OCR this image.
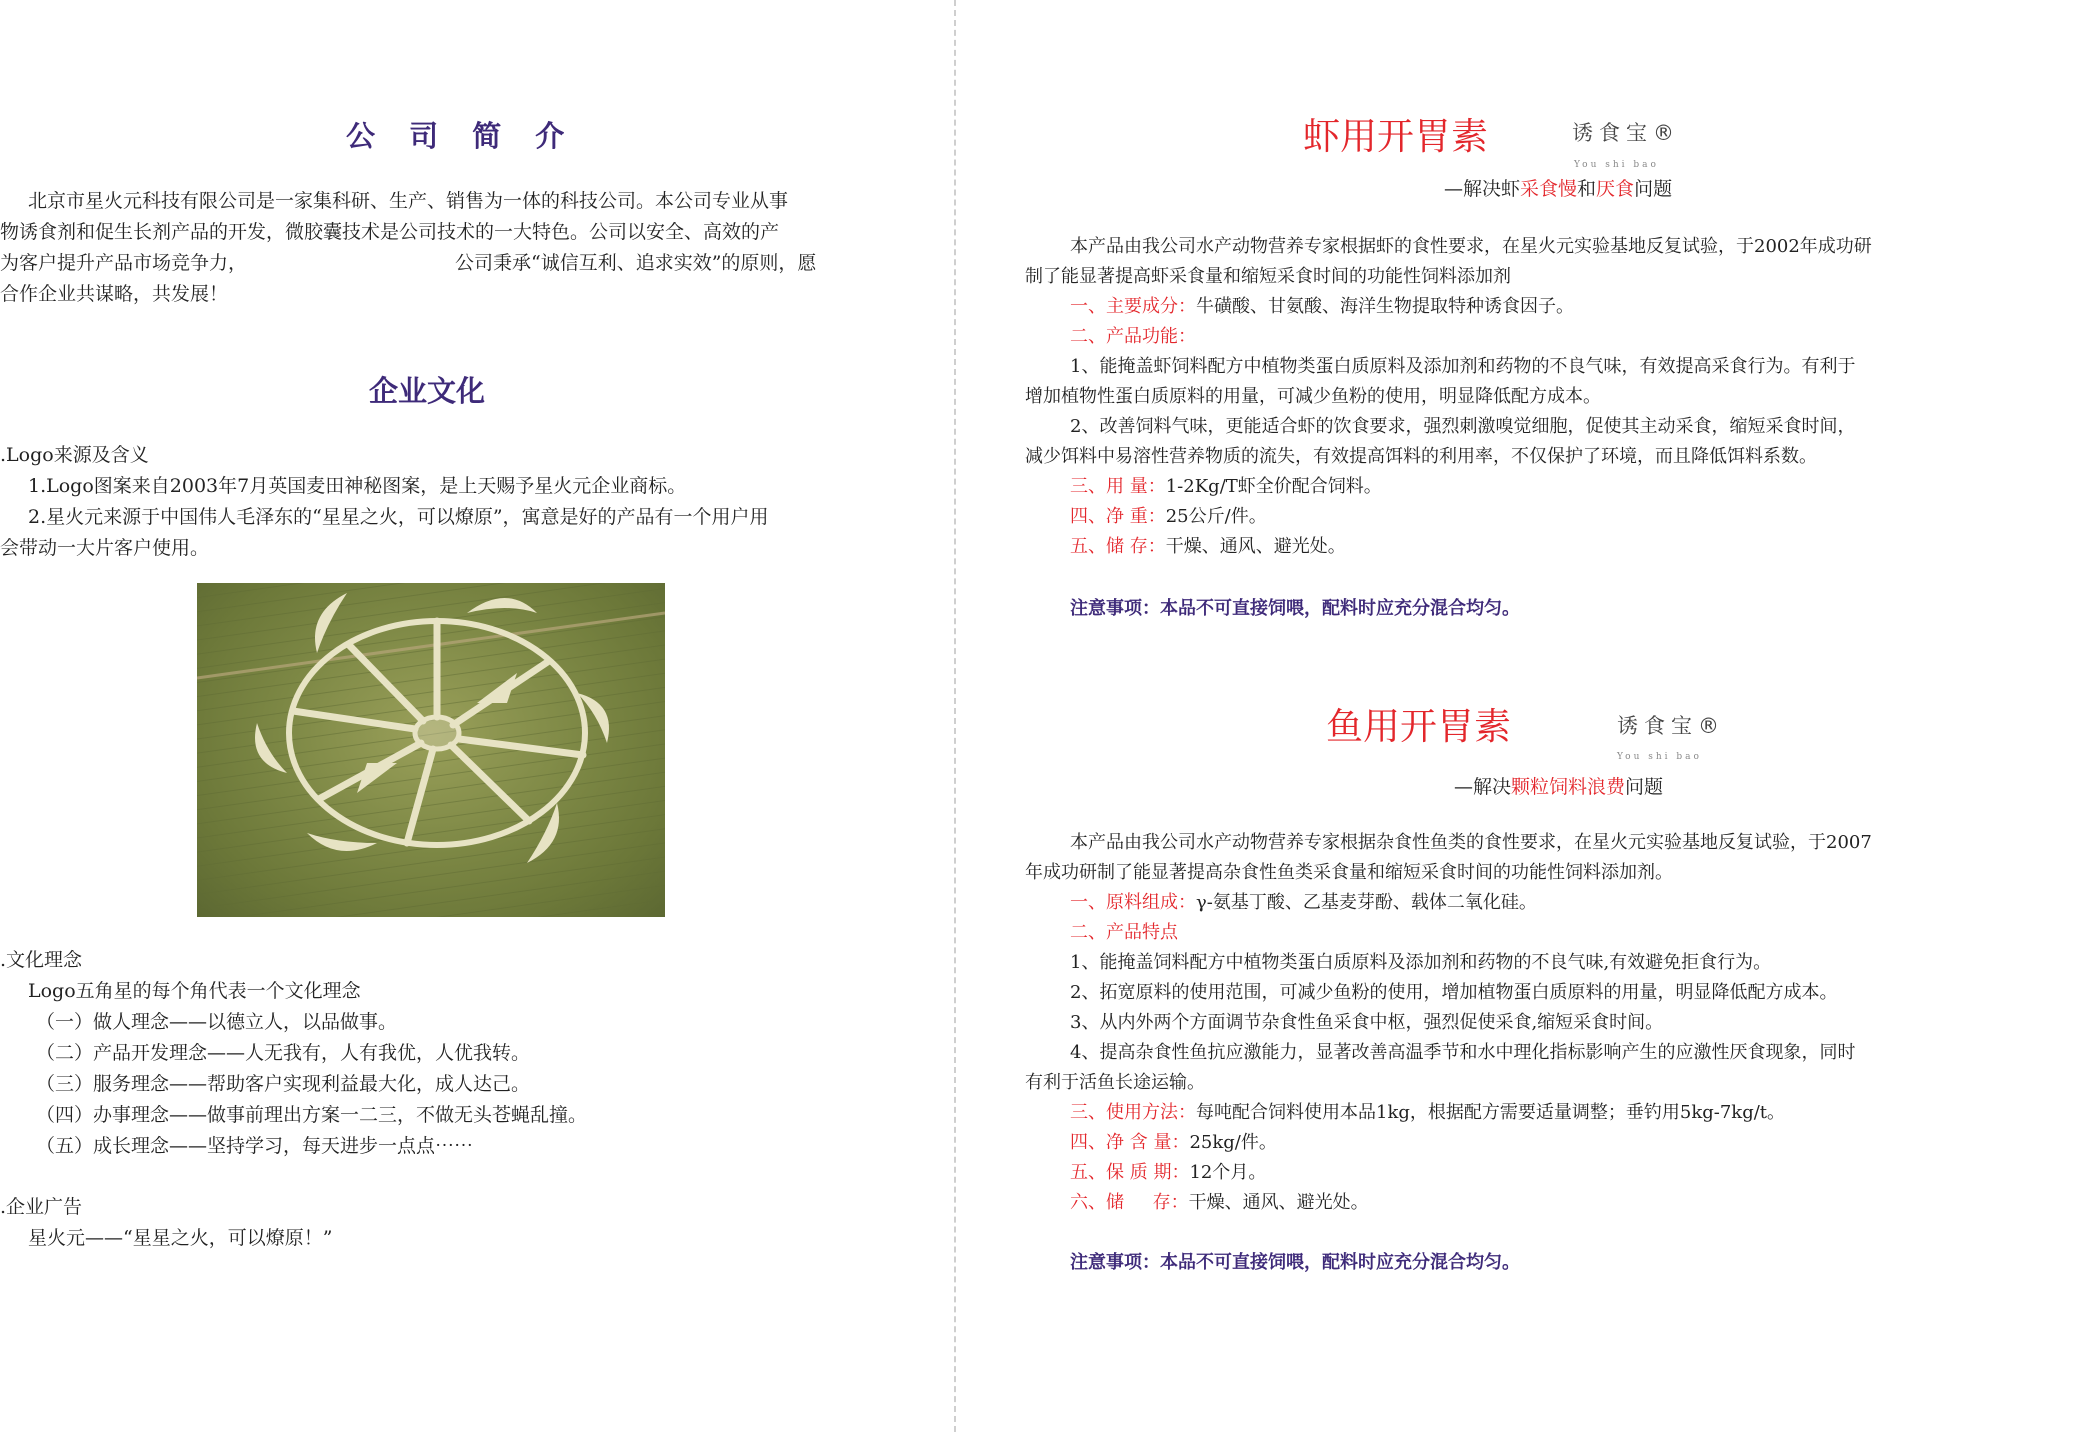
公 司 简 介
北京市星火元科技有限公司是一家集科研、生产、销售为一体的科技公司。本公司专业从事
物诱食剂和促生长剂产品的开发，微胶囊技术是公司技术的一大特色。公司以安全、高效的产
为客户提升产品市场竞争力，	公司秉承“诚信互利、追求实效”的原则，愿
合作企业共谋略，共发展！
企业文化
.Logo来源及含义
1.Logo图案来自2003年7月英国麦田神秘图案，是上天赐予星火元企业商标。
2.星火元来源于中国伟人毛泽东的“星星之火，可以燎原”，寓意是好的产品有一个用户用
会带动一大片客户使用。
.文化理念
Logo五角星的每个角代表一个文化理念
（一）做人理念——以德立人，以品做事。
（二）产品开发理念——人无我有，人有我优，人优我转。
（三）服务理念——帮助客户实现利益最大化，成人达己。
（四）办事理念——做事前理出方案一二三，不做无头苍蝇乱撞。
（五）成长理念——坚持学习，每天进步一点点⋯⋯
.企业广告
星火元——“星星之火，可以燎原！”
虾用开胃素	诱食宝®
You shi bao
—解决虾采食慢和厌食问题
本产品由我公司水产动物营养专家根据虾的食性要求，在星火元实验基地反复试验，于2002年成功研
制了能显著提高虾采食量和缩短采食时间的功能性饲料添加剂
一、主要成分：牛磺酸、甘氨酸、海洋生物提取特种诱食因子。
二、产品功能：
1、能掩盖虾饲料配方中植物类蛋白质原料及添加剂和药物的不良气味，有效提高采食行为。有利于
增加植物性蛋白质原料的用量，可减少鱼粉的使用，明显降低配方成本。
2、改善饲料气味，更能适合虾的饮食要求，强烈刺激嗅觉细胞，促使其主动采食，缩短采食时间，
减少饵料中易溶性营养物质的流失，有效提高饵料的利用率，不仅保护了环境，而且降低饵料系数。
三、用 量：1-2Kg/T虾全价配合饲料。
四、净 重：25公斤/件。
五、储 存：干燥、通风、避光处。
注意事项：本品不可直接饲喂，配料时应充分混合均匀。
鱼用开胃素	诱食宝®
You shi bao
—解决颗粒饲料浪费问题
本产品由我公司水产动物营养专家根据杂食性鱼类的食性要求，在星火元实验基地反复试验，于2007
年成功研制了能显著提高杂食性鱼类采食量和缩短采食时间的功能性饲料添加剂。
一、原料组成：γ-氨基丁酸、乙基麦芽酚、载体二氧化硅。
二、产品特点
1、能掩盖饲料配方中植物类蛋白质原料及添加剂和药物的不良气味,有效避免拒食行为。
2、拓宽原料的使用范围，可减少鱼粉的使用，增加植物蛋白质原料的用量，明显降低配方成本。
3、从内外两个方面调节杂食性鱼采食中枢，强烈促使采食,缩短采食时间。
4、提高杂食性鱼抗应激能力，显著改善高温季节和水中理化指标影响产生的应激性厌食现象，同时
有利于活鱼长途运输。
三、使用方法：每吨配合饲料使用本品1kg，根据配方需要适量调整；垂钓用5kg-7kg/t。
四、净 含 量：25kg/件。
五、保 质 期：12个月。
六、储     存：干燥、通风、避光处。
注意事项：本品不可直接饲喂，配料时应充分混合均匀。
